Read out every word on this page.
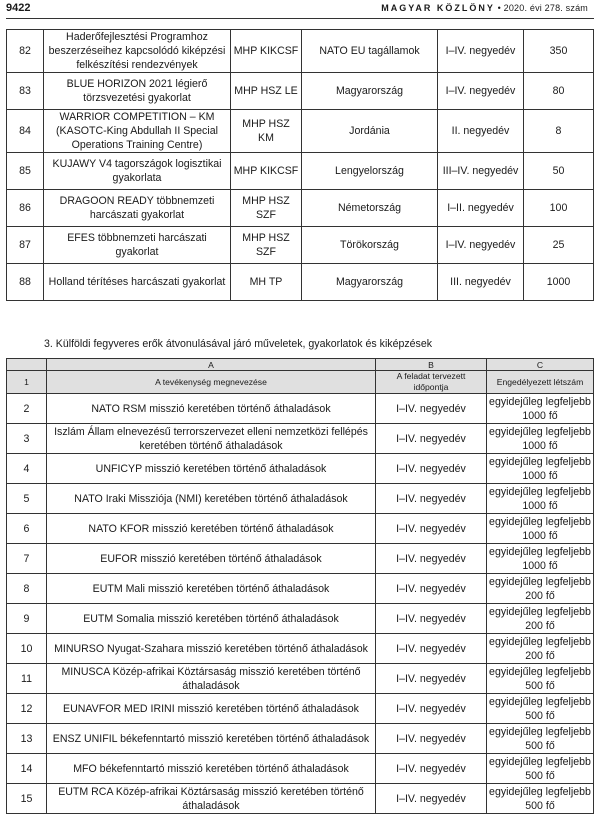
9422	MAGYAR KÖZLÖNY • 2020. évi 278. szám
82	Haderőfejlesztési Programhoz beszerzéseihez kapcsolódó kiképzési felkészítési rendezvények	MHP KIKCSF	NATO EU tagállamok	I–IV. negyedév	350
83	BLUE HORIZON 2021 légierő törzsvezetési gyakorlat	MHP HSZ LE	Magyarország	I–IV. negyedév	80
84	WARRIOR COMPETITION – KM (KASOTC-King Abdullah II Special Operations Training Centre)	MHP HSZ KM	Jordánia	II. negyedév	8
85	KUJAWY V4 tagországok logisztikai gyakorlata	MHP KIKCSF	Lengyelország	III–IV. negyedév	50
86	DRAGOON READY többnemzeti harcászati gyakorlat	MHP HSZ SZF	Németország	I–II. negyedév	100
87	EFES többnemzeti harcászati gyakorlat	MHP HSZ SZF	Törökország	I–IV. negyedév	25
88	Holland térítéses harcászati gyakorlat	MH TP	Magyarország	III. negyedév	1000
3. Külföldi fegyveres erők átvonulásával járó műveletek, gyakorlatok és kiképzések
	A	B	C
1	A tevékenység megnevezése	A feladat tervezett időpontja	Engedélyezett létszám
2	NATO RSM misszió keretében történő áthaladások	I–IV. negyedév	egyidejűleg legfeljebb 1000 fő
3	Iszlám Állam elnevezésű terrorszervezet elleni nemzetközi fellépés keretében történő áthaladások	I–IV. negyedév	egyidejűleg legfeljebb 1000 fő
4	UNFICYP misszió keretében történő áthaladások	I–IV. negyedév	egyidejűleg legfeljebb 1000 fő
5	NATO Iraki Missziója (NMI) keretében történő áthaladások	I–IV. negyedév	egyidejűleg legfeljebb 1000 fő
6	NATO KFOR misszió keretében történő áthaladások	I–IV. negyedév	egyidejűleg legfeljebb 1000 fő
7	EUFOR misszió keretében történő áthaladások	I–IV. negyedév	egyidejűleg legfeljebb 1000 fő
8	EUTM Mali misszió keretében történő áthaladások	I–IV. negyedév	egyidejűleg legfeljebb 200 fő
9	EUTM Somalia misszió keretében történő áthaladások	I–IV. negyedév	egyidejűleg legfeljebb 200 fő
10	MINURSO Nyugat-Szahara misszió keretében történő áthaladások	I–IV. negyedév	egyidejűleg legfeljebb 200 fő
11	MINUSCA Közép-afrikai Köztársaság misszió keretében történő áthaladások	I–IV. negyedév	egyidejűleg legfeljebb 500 fő
12	EUNAVFOR MED IRINI misszió keretében történő áthaladások	I–IV. negyedév	egyidejűleg legfeljebb 500 fő
13	ENSZ UNIFIL békefenntartó misszió keretében történő áthaladások	I–IV. negyedév	egyidejűleg legfeljebb 500 fő
14	MFO békefenntartó misszió keretében történő áthaladások	I–IV. negyedév	egyidejűleg legfeljebb 500 fő
15	EUTM RCA Közép-afrikai Köztársaság misszió keretében történő áthaladások	I–IV. negyedév	egyidejűleg legfeljebb 500 fő
